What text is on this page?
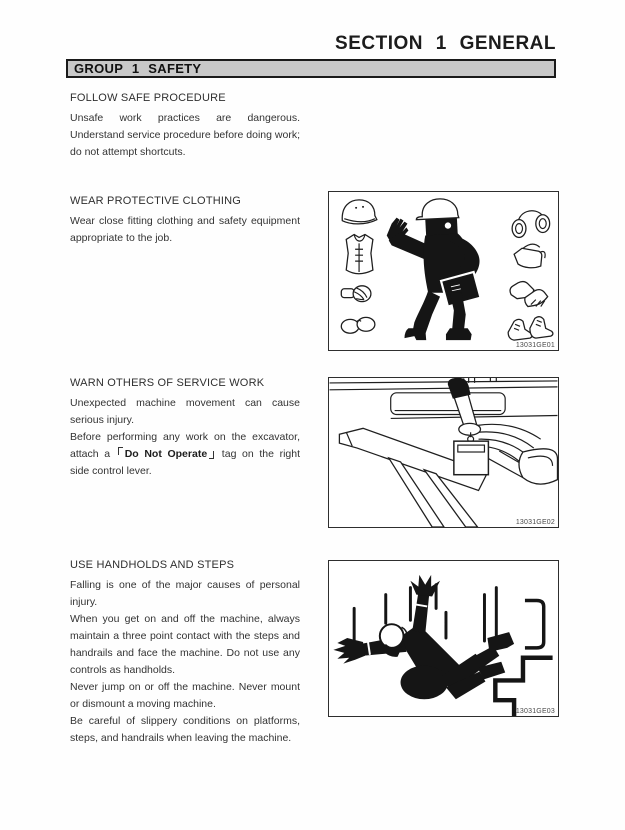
SECTION 1 GENERAL
GROUP 1 SAFETY
FOLLOW SAFE PROCEDURE

Unsafe work practices are dangerous. Understand service procedure before doing work; do not attempt shortcuts.

WEAR PROTECTIVE CLOTHING

Wear close fitting clothing and safety equipment appropriate to the job.

WARN OTHERS OF SERVICE WORK

Unexpected machine movement can cause serious injury.

Before performing any work on the excavator, attach a Do Not Operate tag on the right side control lever.

USE HANDHOLDS AND STEPS

Falling is one of the major causes of personal injury.

When you get on and off the machine, always maintain a three point contact with the steps and handrails and face the machine. Do not use any controls as handholds.

Never jump on or off the machine. Never mount or dismount a moving machine.

Be careful of slippery conditions on platforms, steps, and handrails when leaving the machine.

13031GE01
13031GE02
13031GE03
